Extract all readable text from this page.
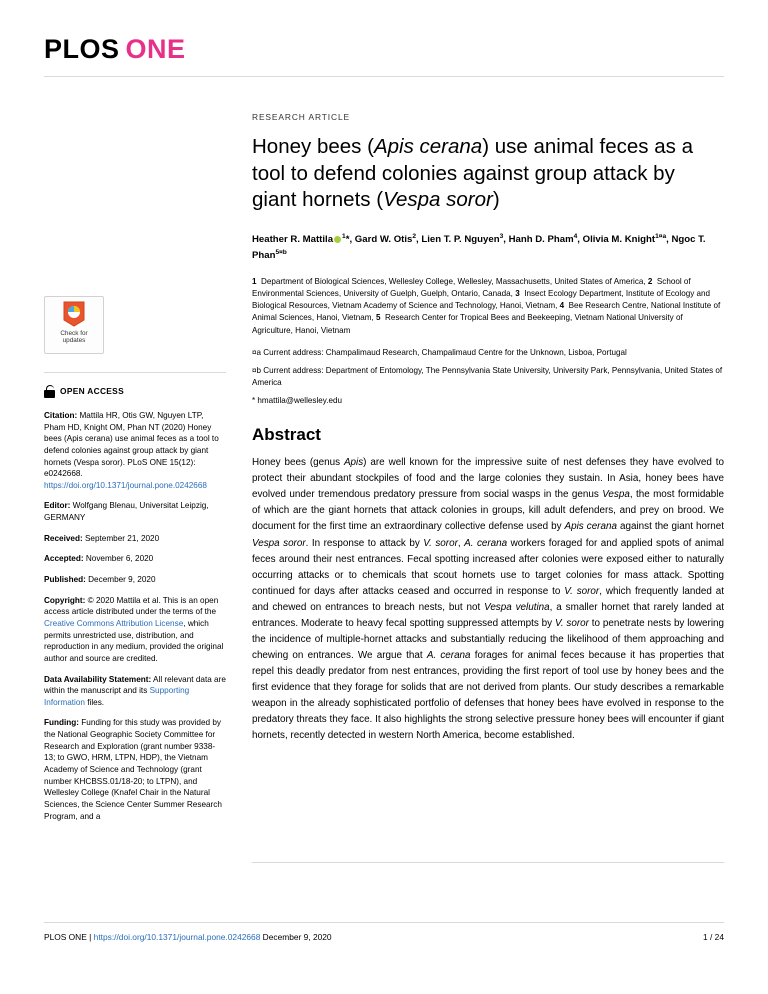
PLOS ONE
Check for
updates
OPEN ACCESS
Citation: Mattila HR, Otis GW, Nguyen LTP, Pham HD, Knight OM, Phan NT (2020) Honey bees (Apis cerana) use animal feces as a tool to defend colonies against group attack by giant hornets (Vespa soror). PLoS ONE 15(12): e0242668. https://doi.org/10.1371/journal.pone.0242668
Editor: Wolfgang Blenau, Universitat Leipzig, GERMANY
Received: September 21, 2020
Accepted: November 6, 2020
Published: December 9, 2020
Copyright: © 2020 Mattila et al. This is an open access article distributed under the terms of the Creative Commons Attribution License, which permits unrestricted use, distribution, and reproduction in any medium, provided the original author and source are credited.
Data Availability Statement: All relevant data are within the manuscript and its Supporting Information files.
Funding: Funding for this study was provided by the National Geographic Society Committee for Research and Exploration (grant number 9338-13; to GWO, HRM, LTPN, HDP), the Vietnam Academy of Science and Technology (grant number KHCBSS.01/18-20; to LTPN), and Wellesley College (Knafel Chair in the Natural Sciences, the Science Center Summer Research Program, and a
RESEARCH ARTICLE
Honey bees (Apis cerana) use animal feces as a tool to defend colonies against group attack by giant hornets (Vespa soror)
Heather R. Mattila $^1$*, Gard W. Otis$^2$, Lien T. P. Nguyen$^3$, Hanh D. Pham$^4$, Olivia M. Knight$^{1¤a}$, Ngoc T. Phan$^{5¤b}$
1  Department of Biological Sciences, Wellesley College, Wellesley, Massachusetts, United States of America, 2  School of Environmental Sciences, University of Guelph, Guelph, Ontario, Canada, 3  Insect Ecology Department, Institute of Ecology and Biological Resources, Vietnam Academy of Science and Technology, Hanoi, Vietnam, 4  Bee Research Centre, National Institute of Animal Sciences, Hanoi, Vietnam, 5  Research Center for Tropical Bees and Beekeeping, Vietnam National University of Agriculture, Hanoi, Vietnam
¤a Current address: Champalimaud Research, Champalimaud Centre for the Unknown, Lisboa, Portugal
¤b Current address: Department of Entomology, The Pennsylvania State University, University Park, Pennsylvania, United States of America
* hmattila@wellesley.edu
Abstract

Honey bees (genus Apis) are well known for the impressive suite of nest defenses they have evolved to protect their abundant stockpiles of food and the large colonies they sustain. In Asia, honey bees have evolved under tremendous predatory pressure from social wasps in the genus Vespa, the most formidable of which are the giant hornets that attack colonies in groups, kill adult defenders, and prey on brood. We document for the first time an extraordinary collective defense used by Apis cerana against the giant hornet Vespa soror. In response to attack by V. soror, A. cerana workers foraged for and applied spots of animal feces around their nest entrances. Fecal spotting increased after colonies were exposed either to naturally occurring attacks or to chemicals that scout hornets use to target colonies for mass attack. Spotting continued for days after attacks ceased and occurred in response to V. soror, which frequently landed at and chewed on entrances to breach nests, but not Vespa velutina, a smaller hornet that rarely landed at entrances. Moderate to heavy fecal spotting suppressed attempts by V. soror to penetrate nests by lowering the incidence of multiple-hornet attacks and substantially reducing the likelihood of them approaching and chewing on entrances. We argue that A. cerana forages for animal feces because it has properties that repel this deadly predator from nest entrances, providing the first report of tool use by honey bees and the first evidence that they forage for solids that are not derived from plants. Our study describes a remarkable weapon in the already sophisticated portfolio of defenses that honey bees have evolved in response to the predatory threats they face. It also highlights the strong selective pressure honey bees will encounter if giant hornets, recently detected in western North America, become established.

PLOS ONE | https://doi.org/10.1371/journal.pone.0242668 December 9, 2020	1 / 24
